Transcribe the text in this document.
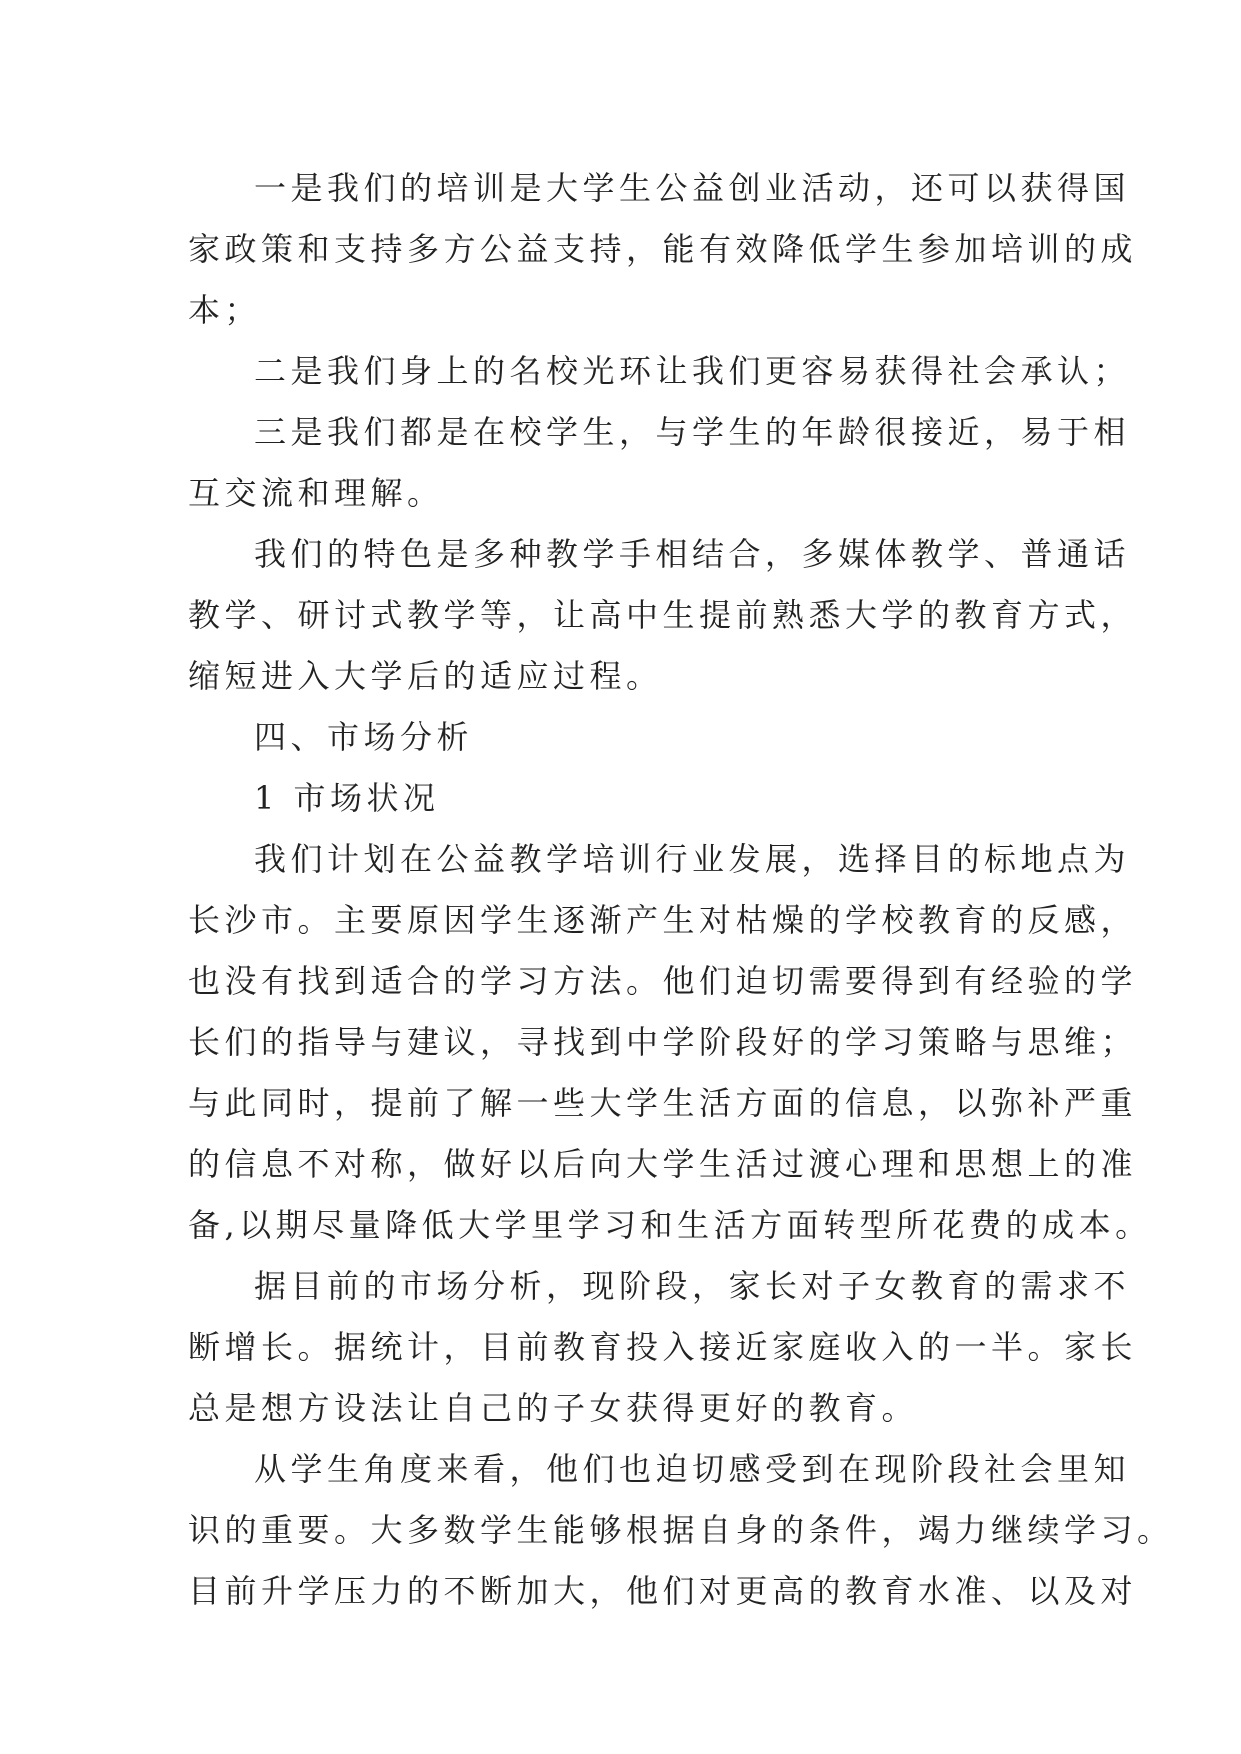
一是我们的培训是大学生公益创业活动，还可以获得国
家政策和支持多方公益支持，能有效降低学生参加培训的成
本；

二是我们身上的名校光环让我们更容易获得社会承认；

三是我们都是在校学生，与学生的年龄很接近，易于相
互交流和理解。

我们的特色是多种教学手相结合，多媒体教学、普通话
教学、研讨式教学等，让高中生提前熟悉大学的教育方式，
缩短进入大学后的适应过程。

四、市场分析

1 市场状况

我们计划在公益教学培训行业发展，选择目的标地点为
长沙市。主要原因学生逐渐产生对枯燥的学校教育的反感，
也没有找到适合的学习方法。他们迫切需要得到有经验的学
长们的指导与建议，寻找到中学阶段好的学习策略与思维；
与此同时，提前了解一些大学生活方面的信息，以弥补严重
的信息不对称，做好以后向大学生活过渡心理和思想上的准
备,以期尽量降低大学里学习和生活方面转型所花费的成本。

据目前的市场分析，现阶段，家长对子女教育的需求不
断增长。据统计，目前教育投入接近家庭收入的一半。家长
总是想方设法让自己的子女获得更好的教育。

从学生角度来看，他们也迫切感受到在现阶段社会里知
识的重要。大多数学生能够根据自身的条件，竭力继续学习。
目前升学压力的不断加大，他们对更高的教育水准、以及对
